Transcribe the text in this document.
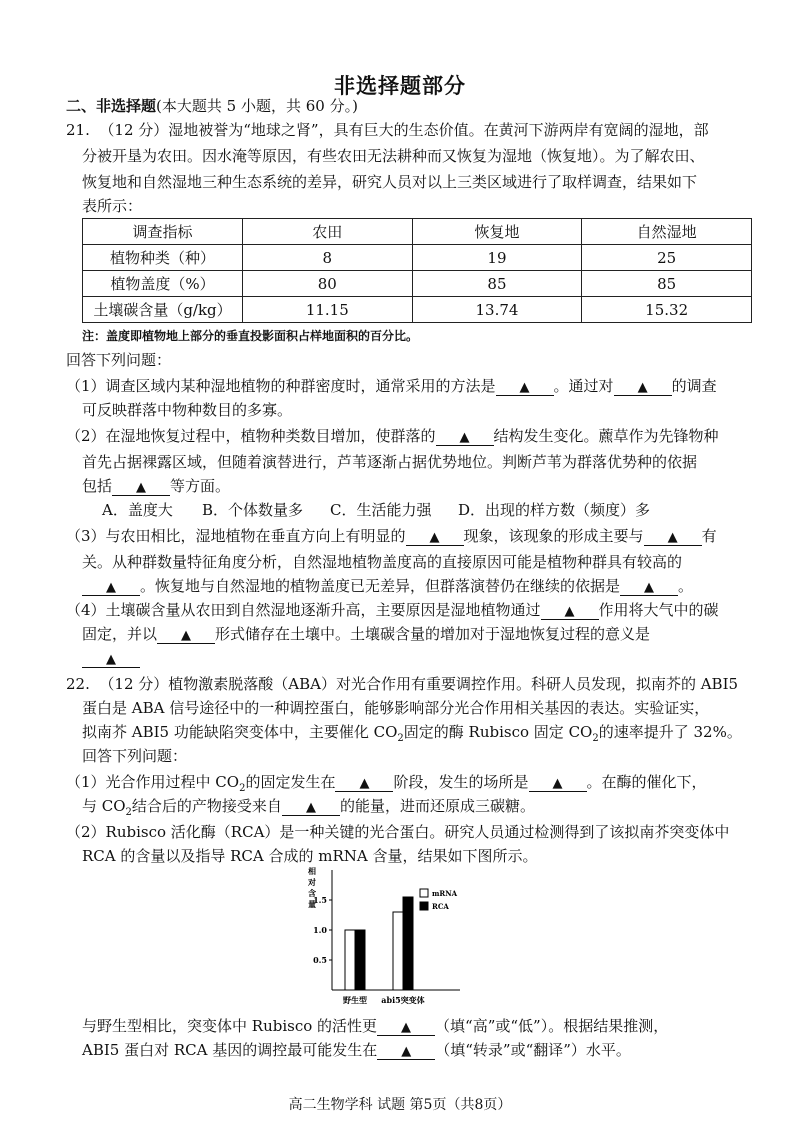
非选择题部分
二、非选择题(本大题共 5 小题，共 60 分。)
21. （12 分）湿地被誉为“地球之肾”，具有巨大的生态价值。在黄河下游两岸有宽阔的湿地，部
分被开垦为农田。因水淹等原因，有些农田无法耕种而又恢复为湿地（恢复地）。为了解农田、
恢复地和自然湿地三种生态系统的差异，研究人员对以上三类区域进行了取样调查，结果如下
表所示：
调查指标	农田	恢复地	自然湿地
植物种类（种）	8	19	25
植物盖度（%）	80	85	85
土壤碳含量（g/kg）	11.15	13.74	15.32
注：盖度即植物地上部分的垂直投影面积占样地面积的百分比。
回答下列问题：
（1）调查区域内某种湿地植物的种群密度时，通常采用的方法是 ▲ 。通过对 ▲ 的调查
可反映群落中物种数目的多寡。
（2）在湿地恢复过程中，植物种类数目增加，使群落的 ▲ 结构发生变化。藨草作为先锋物种
首先占据裸露区域，但随着演替进行，芦苇逐渐占据优势地位。判断芦苇为群落优势种的依据
包括 ▲ 等方面。
A．盖度大 B．个体数量多 C．生活能力强 D．出现的样方数（频度）多
（3）与农田相比，湿地植物在垂直方向上有明显的 ▲ 现象，该现象的形成主要与 ▲ 有
关。从种群数量特征角度分析，自然湿地植物盖度高的直接原因可能是植物种群具有较高的
▲ 。恢复地与自然湿地的植物盖度已无差异，但群落演替仍在继续的依据是 ▲ 。
（4）土壤碳含量从农田到自然湿地逐渐升高，主要原因是湿地植物通过 ▲ 作用将大气中的碳
固定，并以 ▲ 形式储存在土壤中。土壤碳含量的增加对于湿地恢复过程的意义是
▲
22. （12 分）植物激素脱落酸（ABA）对光合作用有重要调控作用。科研人员发现，拟南芥的 ABI5
蛋白是 ABA 信号途径中的一种调控蛋白，能够影响部分光合作用相关基因的表达。实验证实，
拟南芥 ABI5 功能缺陷突变体中，主要催化 $CO_2$固定的酶 Rubisco 固定 $CO_2$的速率提升了 32%。
回答下列问题：
（1）光合作用过程中 $CO_2$的固定发生在 ▲ 阶段，发生的场所是 ▲ 。在酶的催化下，
与 $CO_2$结合后的产物接受来自 ▲ 的能量，进而还原成三碳糖。
（2）Rubisco 活化酶（RCA）是一种关键的光合蛋白。研究人员通过检测得到了该拟南芥突变体中
RCA 的含量以及指导 RCA 合成的 mRNA 含量，结果如下图所示。
相
对
含
量
0.5
1.0
1.5
mRNA
RCA
野生型 abi5突变体
与野生型相比，突变体中 Rubisco 的活性更 ▲ （填“高”或“低”）。根据结果推测，
ABI5 蛋白对 RCA 基因的调控最可能发生在 ▲ （填“转录”或“翻译”）水平。
高二生物学科 试题 第5页（共8页）
